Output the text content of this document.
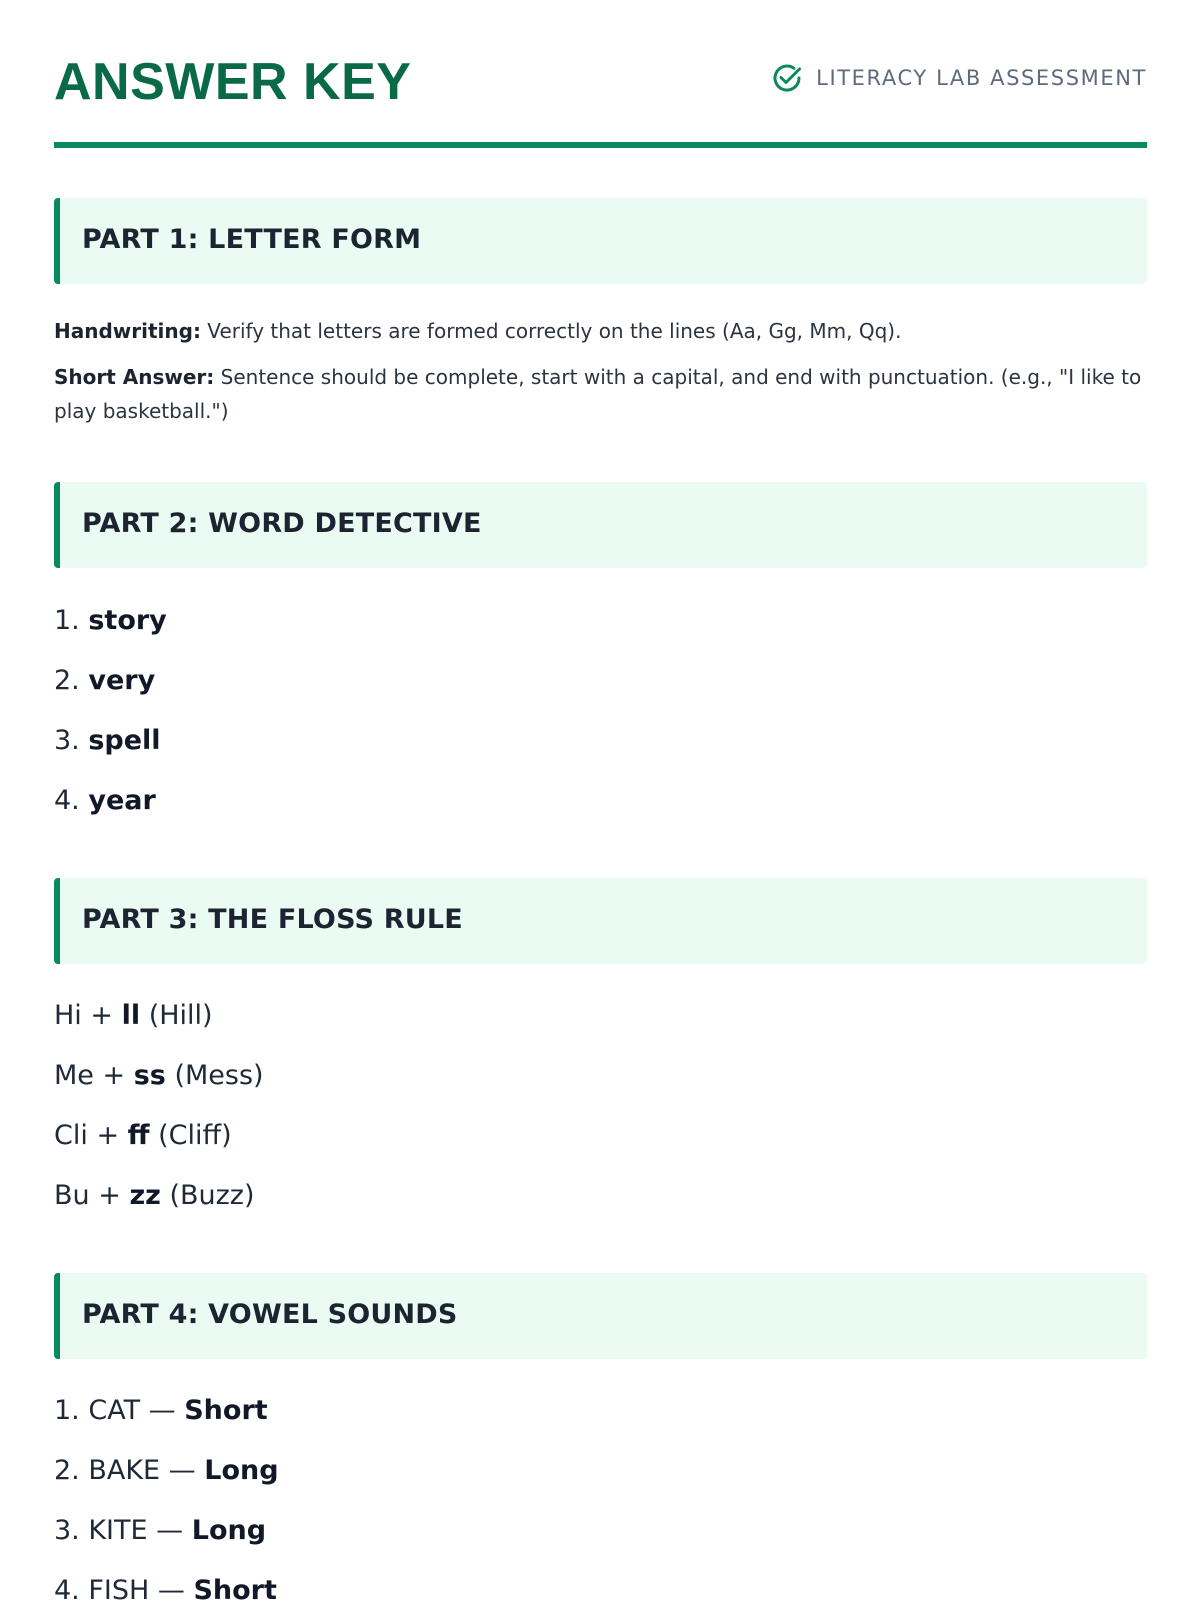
ANSWER KEY	LITERACY LAB ASSESSMENT
PART 1: LETTER FORM

Handwriting: Verify that letters are formed correctly on the lines (Aa, Gg, Mm, Qq).

Short Answer: Sentence should be complete, start with a capital, and end with punctuation. (e.g., "I like to play basketball.")

PART 2: WORD DETECTIVE
1. story
2. very
3. spell
4. year
PART 3: THE FLOSS RULE
Hi + ll (Hill)
Me + ss (Mess)
Cli + ff (Cliff)
Bu + zz (Buzz)
PART 4: VOWEL SOUNDS
1. CAT — Short
2. BAKE — Long
3. KITE — Long
4. FISH — Short
